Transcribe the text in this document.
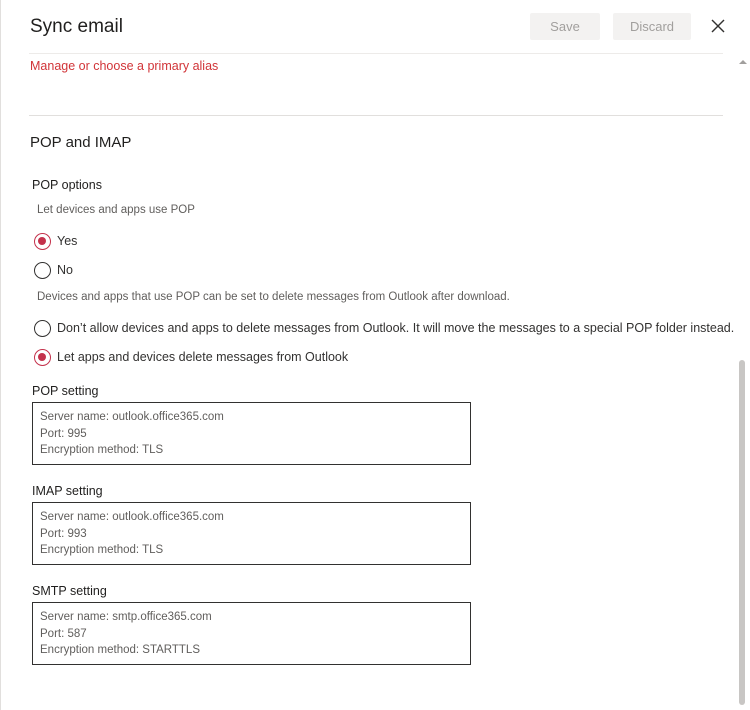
Sync email	Save	Discard
Manage or choose a primary alias
POP and IMAP
POP options
Let devices and apps use POP
Yes
No
Devices and apps that use POP can be set to delete messages from Outlook after download.
Don’t allow devices and apps to delete messages from Outlook. It will move the messages to a special POP folder instead.
Let apps and devices delete messages from Outlook
POP setting
Server name: outlook.office365.com
Port: 995
Encryption method: TLS
IMAP setting
Server name: outlook.office365.com
Port: 993
Encryption method: TLS
SMTP setting
Server name: smtp.office365.com
Port: 587
Encryption method: STARTTLS
